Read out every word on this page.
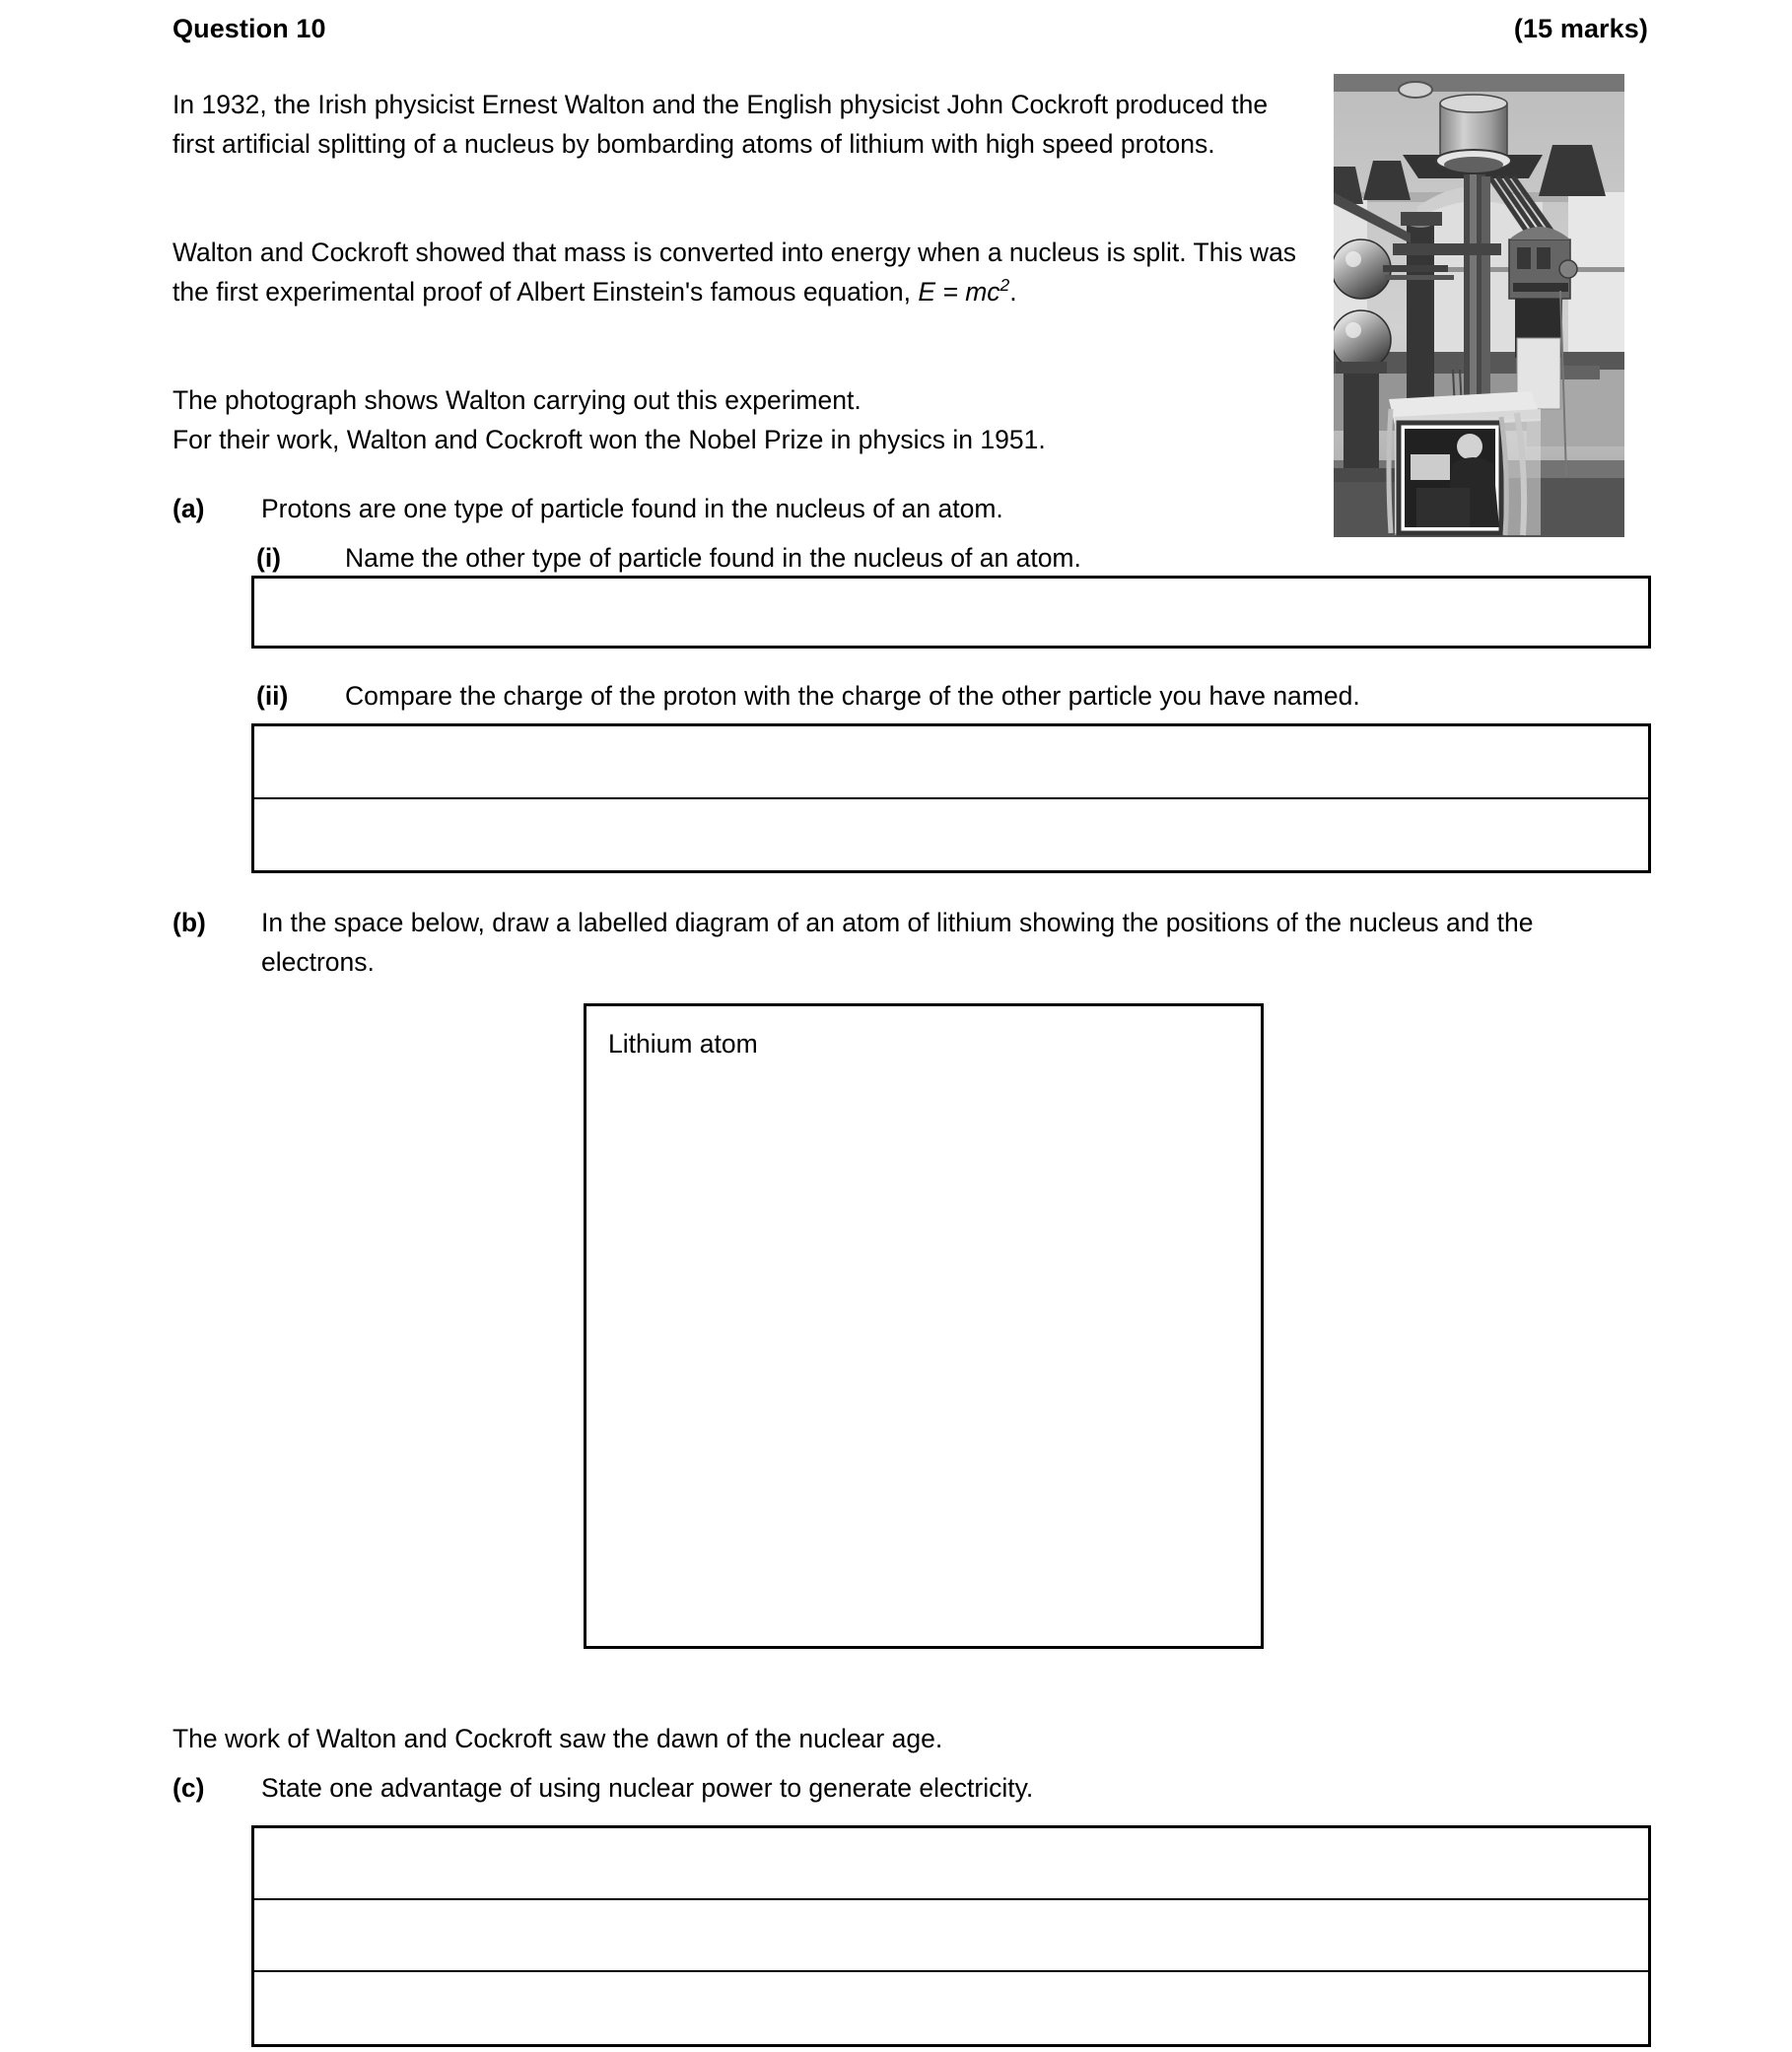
Question 10	(15 marks)
In 1932, the Irish physicist Ernest Walton and the English physicist John Cockroft produced the first artificial splitting of a nucleus by bombarding atoms of lithium with high speed protons.
Walton and Cockroft showed that mass is converted into energy when a nucleus is split. This was the first experimental proof of Albert Einstein's famous equation, $E = mc^2$.
The photograph shows Walton carrying out this experiment.
For their work, Walton and Cockroft won the Nobel Prize in physics in 1951.
(a) Protons are one type of particle found in the nucleus of an atom.
(i) Name the other type of particle found in the nucleus of an atom.
(ii) Compare the charge of the proton with the charge of the other particle you have named.
(b) In the space below, draw a labelled diagram of an atom of lithium showing the positions of the nucleus and the electrons.
Lithium atom
The work of Walton and Cockroft saw the dawn of the nuclear age.
(c) State one advantage of using nuclear power to generate electricity.
